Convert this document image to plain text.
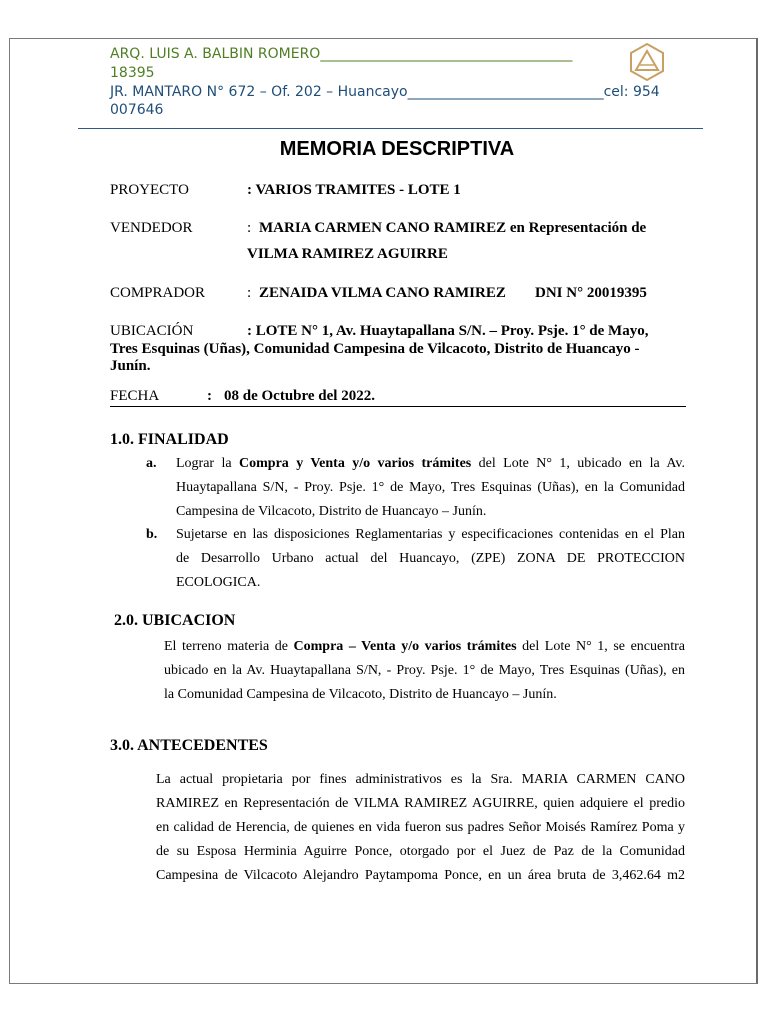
ARQ. LUIS A. BALBIN ROMERO____________________________________
18395
JR. MANTARO N° 672 – Of. 202 – Huancayo____________________________cel: 954
007646
MEMORIA DESCRIPTIVA
PROYECTO	: VARIOS TRAMITES - LOTE 1
VENDEDOR	: MARIA CARMEN CANO RAMIREZ en Representación de
VILMA RAMIREZ AGUIRRE
COMPRADOR	: ZENAIDA VILMA CANO RAMIREZ DNI N° 20019395
UBICACIÓN	: LOTE N° 1, Av. Huaytapallana S/N. – Proy. Psje. 1° de Mayo,
Tres Esquinas (Uñas), Comunidad Campesina de Vilcacoto, Distrito de Huancayo -
Junín.
FECHA	: 08 de Octubre del 2022.
1.0. FINALIDAD
a. Lograr la Compra y Venta y/o varios trámites del Lote N° 1, ubicado en la Av.
Huaytapallana S/N, - Proy. Psje. 1° de Mayo, Tres Esquinas (Uñas), en la Comunidad
Campesina de Vilcacoto, Distrito de Huancayo – Junín.
b. Sujetarse en las disposiciones Reglamentarias y especificaciones contenidas en el Plan
de Desarrollo Urbano actual del Huancayo, (ZPE) ZONA DE PROTECCION
ECOLOGICA.
2.0. UBICACION
El terreno materia de Compra – Venta y/o varios trámites del Lote N° 1, se encuentra
ubicado en la Av. Huaytapallana S/N, - Proy. Psje. 1° de Mayo, Tres Esquinas (Uñas), en
la Comunidad Campesina de Vilcacoto, Distrito de Huancayo – Junín.
3.0. ANTECEDENTES
La actual propietaria por fines administrativos es la Sra. MARIA CARMEN CANO
RAMIREZ en Representación de VILMA RAMIREZ AGUIRRE, quien adquiere el predio
en calidad de Herencia, de quienes en vida fueron sus padres Señor Moisés Ramírez Poma y
de su Esposa Herminia Aguirre Ponce, otorgado por el Juez de Paz de la Comunidad
Campesina de Vilcacoto Alejandro Paytampoma Ponce, en un área bruta de 3,462.64 m2
